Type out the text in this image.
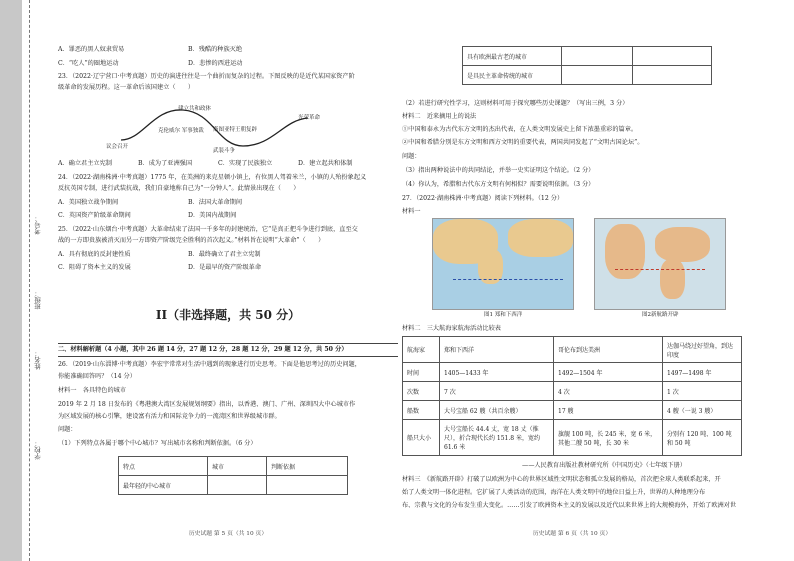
学校：
姓名：
班级：
考号：
A．罪恶的黑人奴隶贸易	B．残酷的种族灭绝
C．“吃人”的圈地运动	D．悲惨的西进运动
23．（2022·辽宁营口·中考真题）历史的演进往往是一个曲折而复杂的过程。下图反映的是近代某国家资产阶
级革命的发展历程。这一革命后该国建立（　　）
建立共和政体
克伦威尔 军事独裁 斯图亚特王朝复辟
议会召开
武装斗争
光荣革命
A．确立君主立宪制	B．成为了亚洲强国	C．实现了民族独立	D．建立起共和体制
24．（2022·湖南株洲·中考真题）1775 年，在美洲的来克星顿小镇上，有位黑人驾着米兰，小镇的人殆扮象起义
反抗英国专制，进行武装抗战，我们自豪地称自己为“一分钟人”。此情景出现在（　　）
A．美国独立战争期间	B．法国大革命期间
C．英国资产阶级革命期间	D．美国内战期间
25．（2022·山东烟台·中考真题）大革命结束了法国一千多年的封建统治，它“是真正把斗争进行到底，直至交
战的一方即贵族被消灭而另一方即资产阶级完全胜利的首次起义。”材料旨在说明“大革命”（　　）
A．具有彻底的反封建性质	B．最终确立了君主立宪制
C．阻碍了资本主义的发展	D．是最早的资产阶级革命
II（非选择题，共 50 分）
二、材料解析题（4 小题，其中 26 题 14 分，27 题 12 分，28 题 12 分，29 题 12 分，共 50 分）
26．（2019·山东淄博·中考真题）李宏宇常常对生活中遇到的现象进行历史思考。下面是他思考过的历史问题，
你能准确回答吗？（14 分）
材料一　各具特色的城市
2019 年 2 月 18 日发布的《粤港澳大湾区发展规划纲要》指出，以香港、澳门、广州、深圳四大中心城市作
为区域发展的核心引擎，建设富有活力和国际竞争力的一流湾区和世界级城市群。
问题：
（1）下列特点各属于哪个中心城市？写出城市名称和判断依据。（6 分）
特点	城市	判断依据
最年轻的中心城市		
历史试题 第 5 页（共 10 页）
具有欧洲最古老的城市		
是具民主革命传统的城市		
（2）若进行研究性学习，这则材料可用于探究哪些历史课题？（写出三例，3 分）
材料二　近来摘用上的说法
①中国和泰永为古代东方文明的杰出代表，在人类文明发展史上留下浓墨重彩的篇章。
②中国和希腊分别是东方文明和西方文明的重要代表，两国共同发起了“文明古国论坛”。
问题：
（3）指出两种说法中的共同结论，并举一史实证明这个结论。（2 分）
（4）你认为，希腊和古代东方文明有何相似？需要说明依据。（3 分）
27．（2022·湖南株洲·中考真题）阅读下列材料。（12 分）
材料一
图1 郑和下西洋	图2新航路开辟
材料二　三大航海家航海活动比较表
航海家	郑和下西洋	哥伦布到达美洲	达伽马绕过好望角，到达印度
时间	1405—1433 年	1492—1504 年	1497—1498 年
次数	7 次	4 次	1 次
船数	大号宝船 62 艘（共百余艘）	17 艘	4 艘（一说 3 艘）
船只大小	大号宝船长 44.4 丈，宽 18 丈（推尺），折合现代长约 151.8 米，宽约 61.6 米	旗舰 100 吨，长 245 米，宽 6 米，其他二艘 50 吨，长 30 米	分别有 120 吨、100 吨和 50 吨
——人民教育出版社教材研究所《中国历史》（七年级下册）
材料三　《新航路开辟》打破了以欧洲为中心的世界区域性文明状态和孤立发展的格局，首次把全球人类联系起来，开
始了人类文明一体化进程。它扩展了人类活动的范围，海洋在人类文明中的地位日益上升，世界的人种地理分布
布、宗教与文化的分布发生重大变化。……引发了欧洲资本主义的发展以及近代以来世界上的大规模海外，开始了欧洲对世
历史试题 第 6 页（共 10 页）
